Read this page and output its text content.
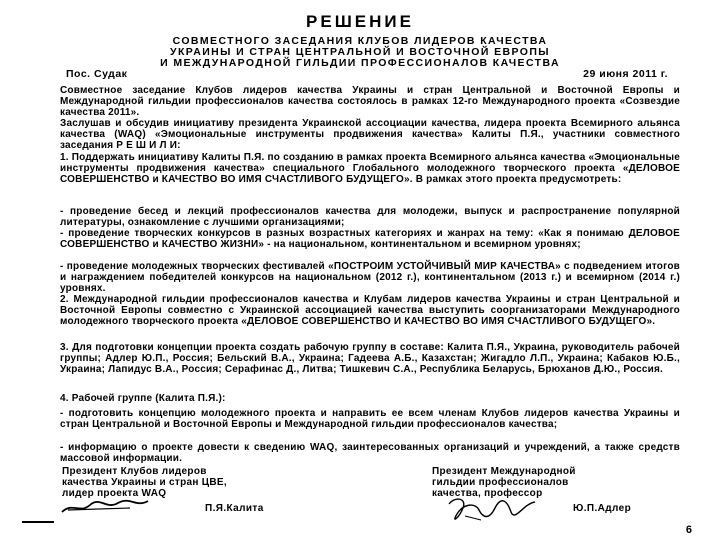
РЕШЕНИЕ
СОВМЕСТНОГО ЗАСЕДАНИЯ КЛУБОВ ЛИДЕРОВ КАЧЕСТВА
УКРАИНЫ И СТРАН ЦЕНТРАЛЬНОЙ И ВОСТОЧНОЙ ЕВРОПЫ
И МЕЖДУНАРОДНОЙ ГИЛЬДИИ ПРОФЕССИОНАЛОВ КАЧЕСТВА
Пос. Судак	29 июня 2011 г.

Совместное заседание Клубов лидеров качества Украины и стран Центральной и Восточной Европы и Международной гильдии профессионалов качества состоялось в рамках 12-го Международного проекта «Созвездие качества 2011».

Заслушав и обсудив инициативу президента Украинской ассоциации качества, лидера проекта Всемирного альянса качества (WAQ) «Эмоциональные инструменты продвижения качества» Калиты П.Я., участники совместного заседания Р Е Ш И Л И:

1. Поддержать инициативу Калиты П.Я. по созданию в рамках проекта Всемирного альянса качества «Эмоциональные инструменты продвижения качества» специального Глобального молодежного творческого проекта «ДЕЛОВОЕ СОВЕРШЕНСТВО и КАЧЕСТВО ВО ИМЯ СЧАСТЛИВОГО БУДУЩЕГО». В рамках этого проекта предусмотреть:

- проведение бесед и лекций профессионалов качества для молодежи, выпуск и распространение популярной литературы, ознакомление с лучшими организациями;

- проведение творческих конкурсов в разных возрастных категориях и жанрах на тему: «Как я понимаю ДЕЛОВОЕ СОВЕРШЕНСТВО и КАЧЕСТВО ЖИЗНИ» - на национальном, континентальном и всемирном уровнях;

- проведение молодежных творческих фестивалей «ПОСТРОИМ УСТОЙЧИВЫЙ МИР КАЧЕСТВА» с подведением итогов и награждением победителей конкурсов на национальном (2012 г.), континентальном (2013 г.) и всемирном (2014 г.) уровнях.

2. Международной гильдии профессионалов качества и Клубам лидеров качества Украины и стран Центральной и Восточной Европы совместно с Украинской ассоциацией качества выступить соорганизаторами Международного молодежного творческого проекта «ДЕЛОВОЕ СОВЕРШЕНСТВО И КАЧЕСТВО ВО ИМЯ СЧАСТЛИВОГО БУДУЩЕГО».

3. Для подготовки концепции проекта создать рабочую группу в составе: Калита П.Я., Украина, руководитель рабочей группы; Адлер Ю.П., Россия; Бельский В.А., Украина; Гадеева А.Б., Казахстан; Жигадло Л.П., Украина; Кабаков Ю.Б., Украина; Лапидус В.А., Россия; Серафинас Д., Литва; Тишкевич С.А., Республика Беларусь, Брюханов Д.Ю., Россия.

4. Рабочей группе (Калита П.Я.):

- подготовить концепцию молодежного проекта и направить ее всем членам Клубов лидеров качества Украины и стран Центральной и Восточной Европы и Международной гильдии профессионалов качества;

- информацию о проекте довести к сведению WAQ, заинтересованных организаций и учреждений, а также средств массовой информации.

Президент Клубов лидеров
качества Украины и стран ЦВЕ,
лидер проекта WAQ
П.Я.Калита
Президент Международной
гильдии профессионалов
качества, профессор
Ю.П.Адлер
6
